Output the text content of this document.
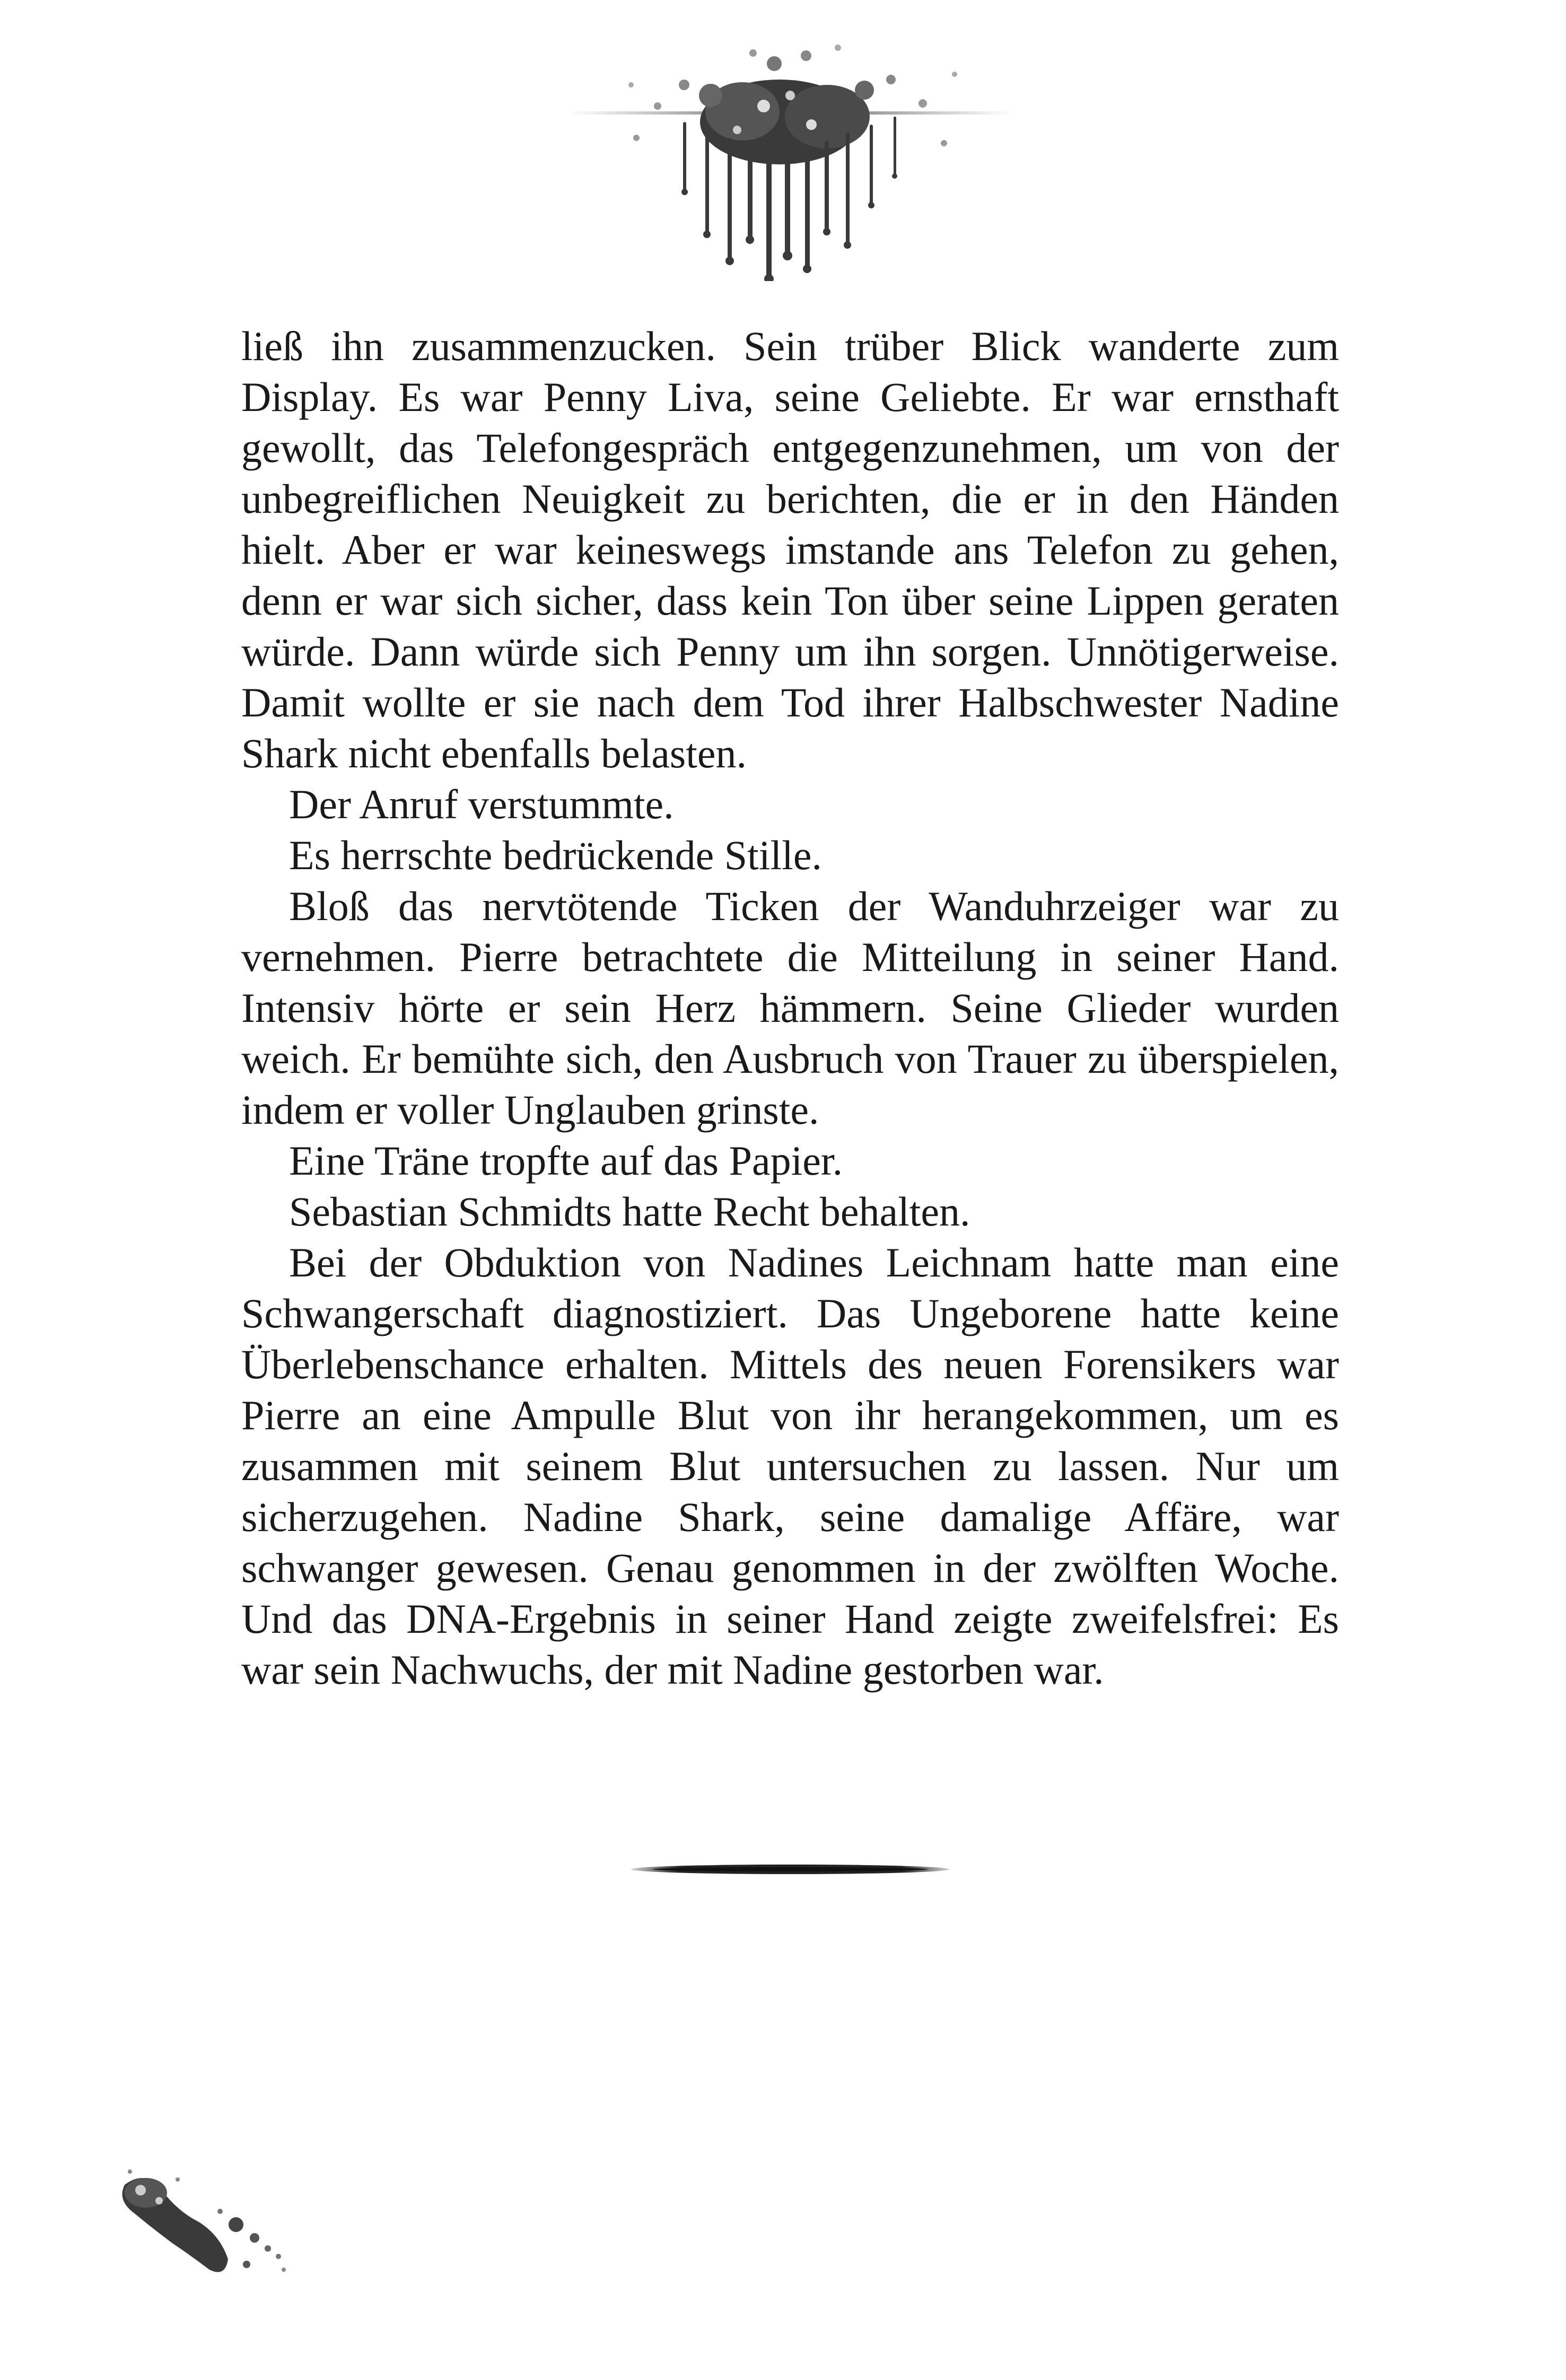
ließ ihn zusammenzucken. Sein trüber Blick wanderte zum Display. Es war Penny Liva, seine Geliebte. Er war ernsthaft gewollt, das Telefongespräch entgegenzunehmen, um von der unbegreiflichen Neuigkeit zu berichten, die er in den Händen hielt. Aber er war keineswegs imstande ans Telefon zu gehen, denn er war sich sicher, dass kein Ton über seine Lippen geraten würde. Dann würde sich Penny um ihn sorgen. Unnötigerweise. Damit wollte er sie nach dem Tod ihrer Halbschwester Nadine Shark nicht ebenfalls belasten.

Der Anruf verstummte.

Es herrschte bedrückende Stille.

Bloß das nervtötende Ticken der Wanduhrzeiger war zu vernehmen. Pierre betrachtete die Mitteilung in seiner Hand. Intensiv hörte er sein Herz hämmern. Seine Glieder wurden weich. Er bemühte sich, den Ausbruch von Trauer zu überspielen, indem er voller Unglauben grinste.

Eine Träne tropfte auf das Papier.

Sebastian Schmidts hatte Recht behalten.

Bei der Obduktion von Nadines Leichnam hatte man eine Schwangerschaft diagnostiziert. Das Ungeborene hatte keine Überlebenschance erhalten. Mittels des neuen Forensikers war Pierre an eine Ampulle Blut von ihr herangekommen, um es zusammen mit seinem Blut untersuchen zu lassen. Nur um sicherzugehen. Nadine Shark, seine damalige Affäre, war schwanger gewesen. Genau genommen in der zwölften Woche. Und das DNA-Ergebnis in seiner Hand zeigte zweifelsfrei: Es war sein Nachwuchs, der mit Nadine gestorben war.
